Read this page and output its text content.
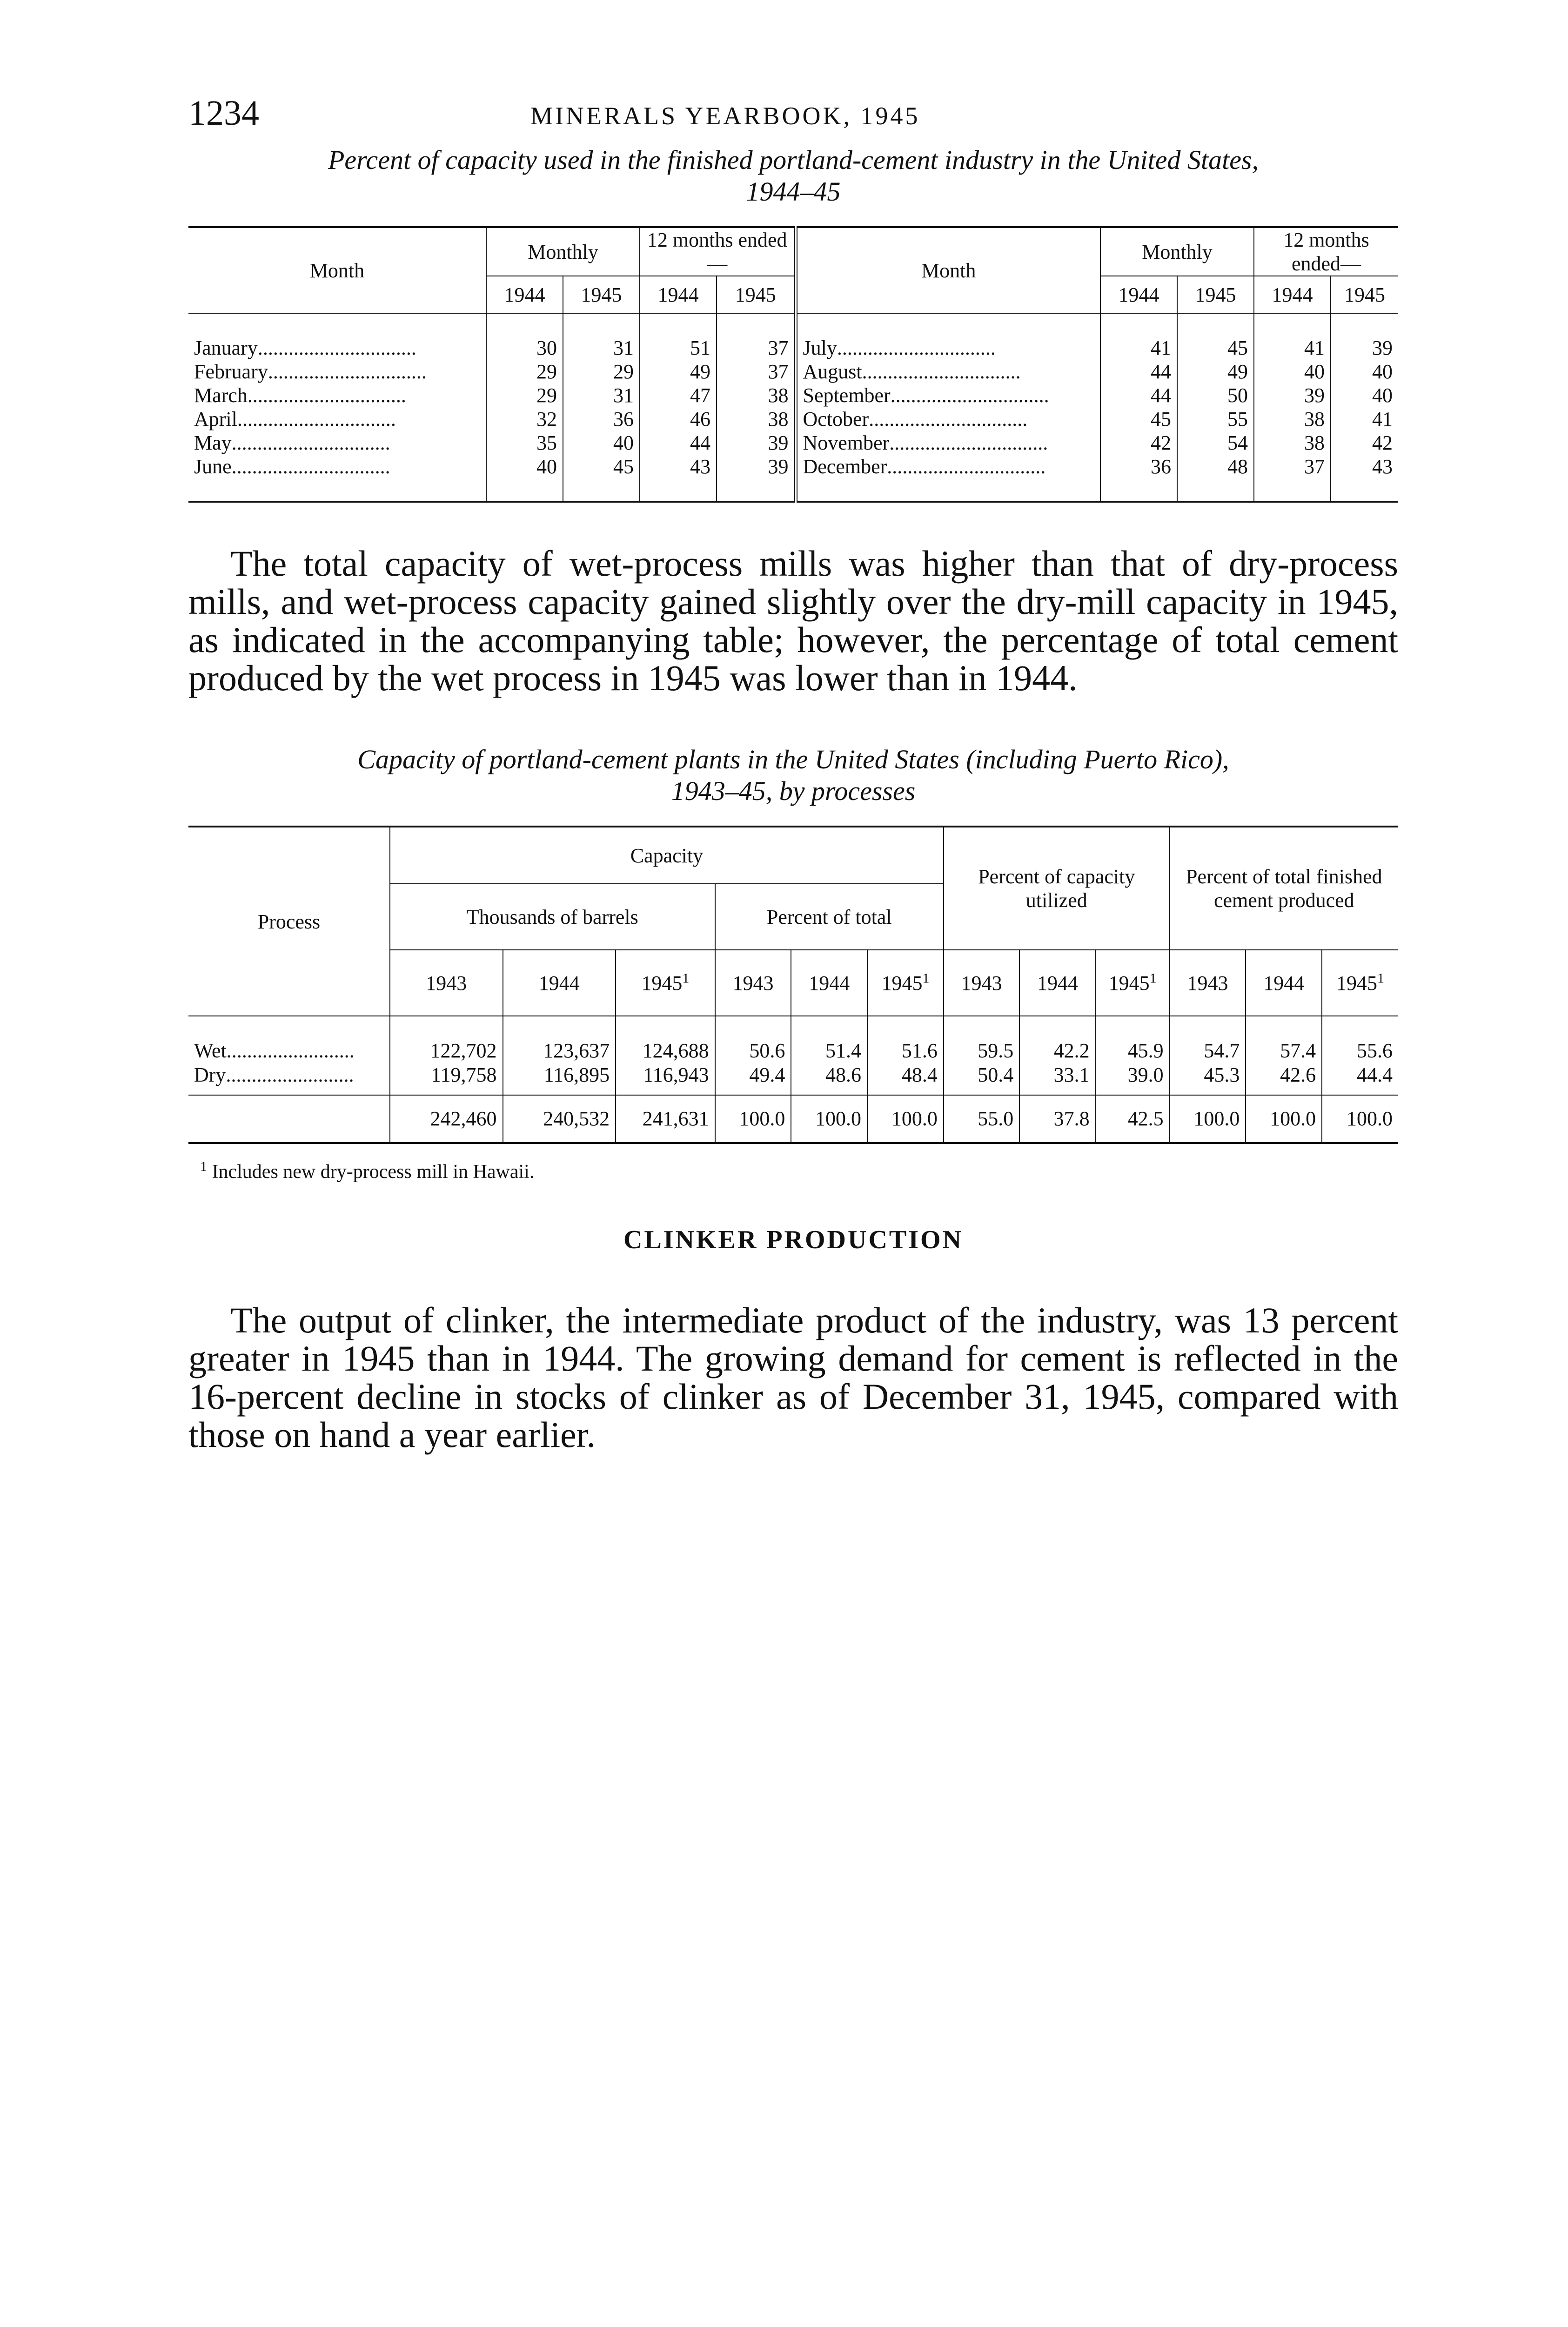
1234	MINERALS YEARBOOK, 1945
Percent of capacity used in the finished portland-cement industry in the United States,
1944–45
Month	Monthly		12 months ended—		Month	Monthly		12 months ended—	
	1944	1945	1944	1945		1944	1945	1944	1945
January...............................	30	31	51	37	July...............................	41	45	41	39
February...............................	29	29	49	37	August...............................	44	49	40	40
March...............................	29	31	47	38	September...............................	44	50	39	40
April...............................	32	36	46	38	October...............................	45	55	38	41
May...............................	35	40	44	39	November...............................	42	54	38	42
June...............................	40	45	43	39	December...............................	36	48	37	43

The total capacity of wet-process mills was higher than that of dry-process mills, and wet-process capacity gained slightly over the dry-mill capacity in 1945, as indicated in the accompanying table; however, the percentage of total cement produced by the wet process in 1945 was lower than in 1944.

Capacity of portland-cement plants in the United States (including Puerto Rico),
1943–45, by processes
Process	Capacity						Percent of capacity utilized			Percent of total finished cement produced		
	Thousands of barrels			Percent of total								
	1943	1944	1945$^1$	1943	1944	1945$^1$	1943	1944	1945$^1$	1943	1944	1945$^1$
Wet.........................	122,702	123,637	124,688	50.6	51.4	51.6	59.5	42.2	45.9	54.7	57.4	55.6
Dry.........................	119,758	116,895	116,943	49.4	48.6	48.4	50.4	33.1	39.0	45.3	42.6	44.4
	242,460	240,532	241,631	100.0	100.0	100.0	55.0	37.8	42.5	100.0	100.0	100.0
$^1$ Includes new dry-process mill in Hawaii.
CLINKER PRODUCTION

The output of clinker, the intermediate product of the industry, was 13 percent greater in 1945 than in 1944. The growing demand for cement is reflected in the 16-percent decline in stocks of clinker as of December 31, 1945, compared with those on hand a year earlier.
